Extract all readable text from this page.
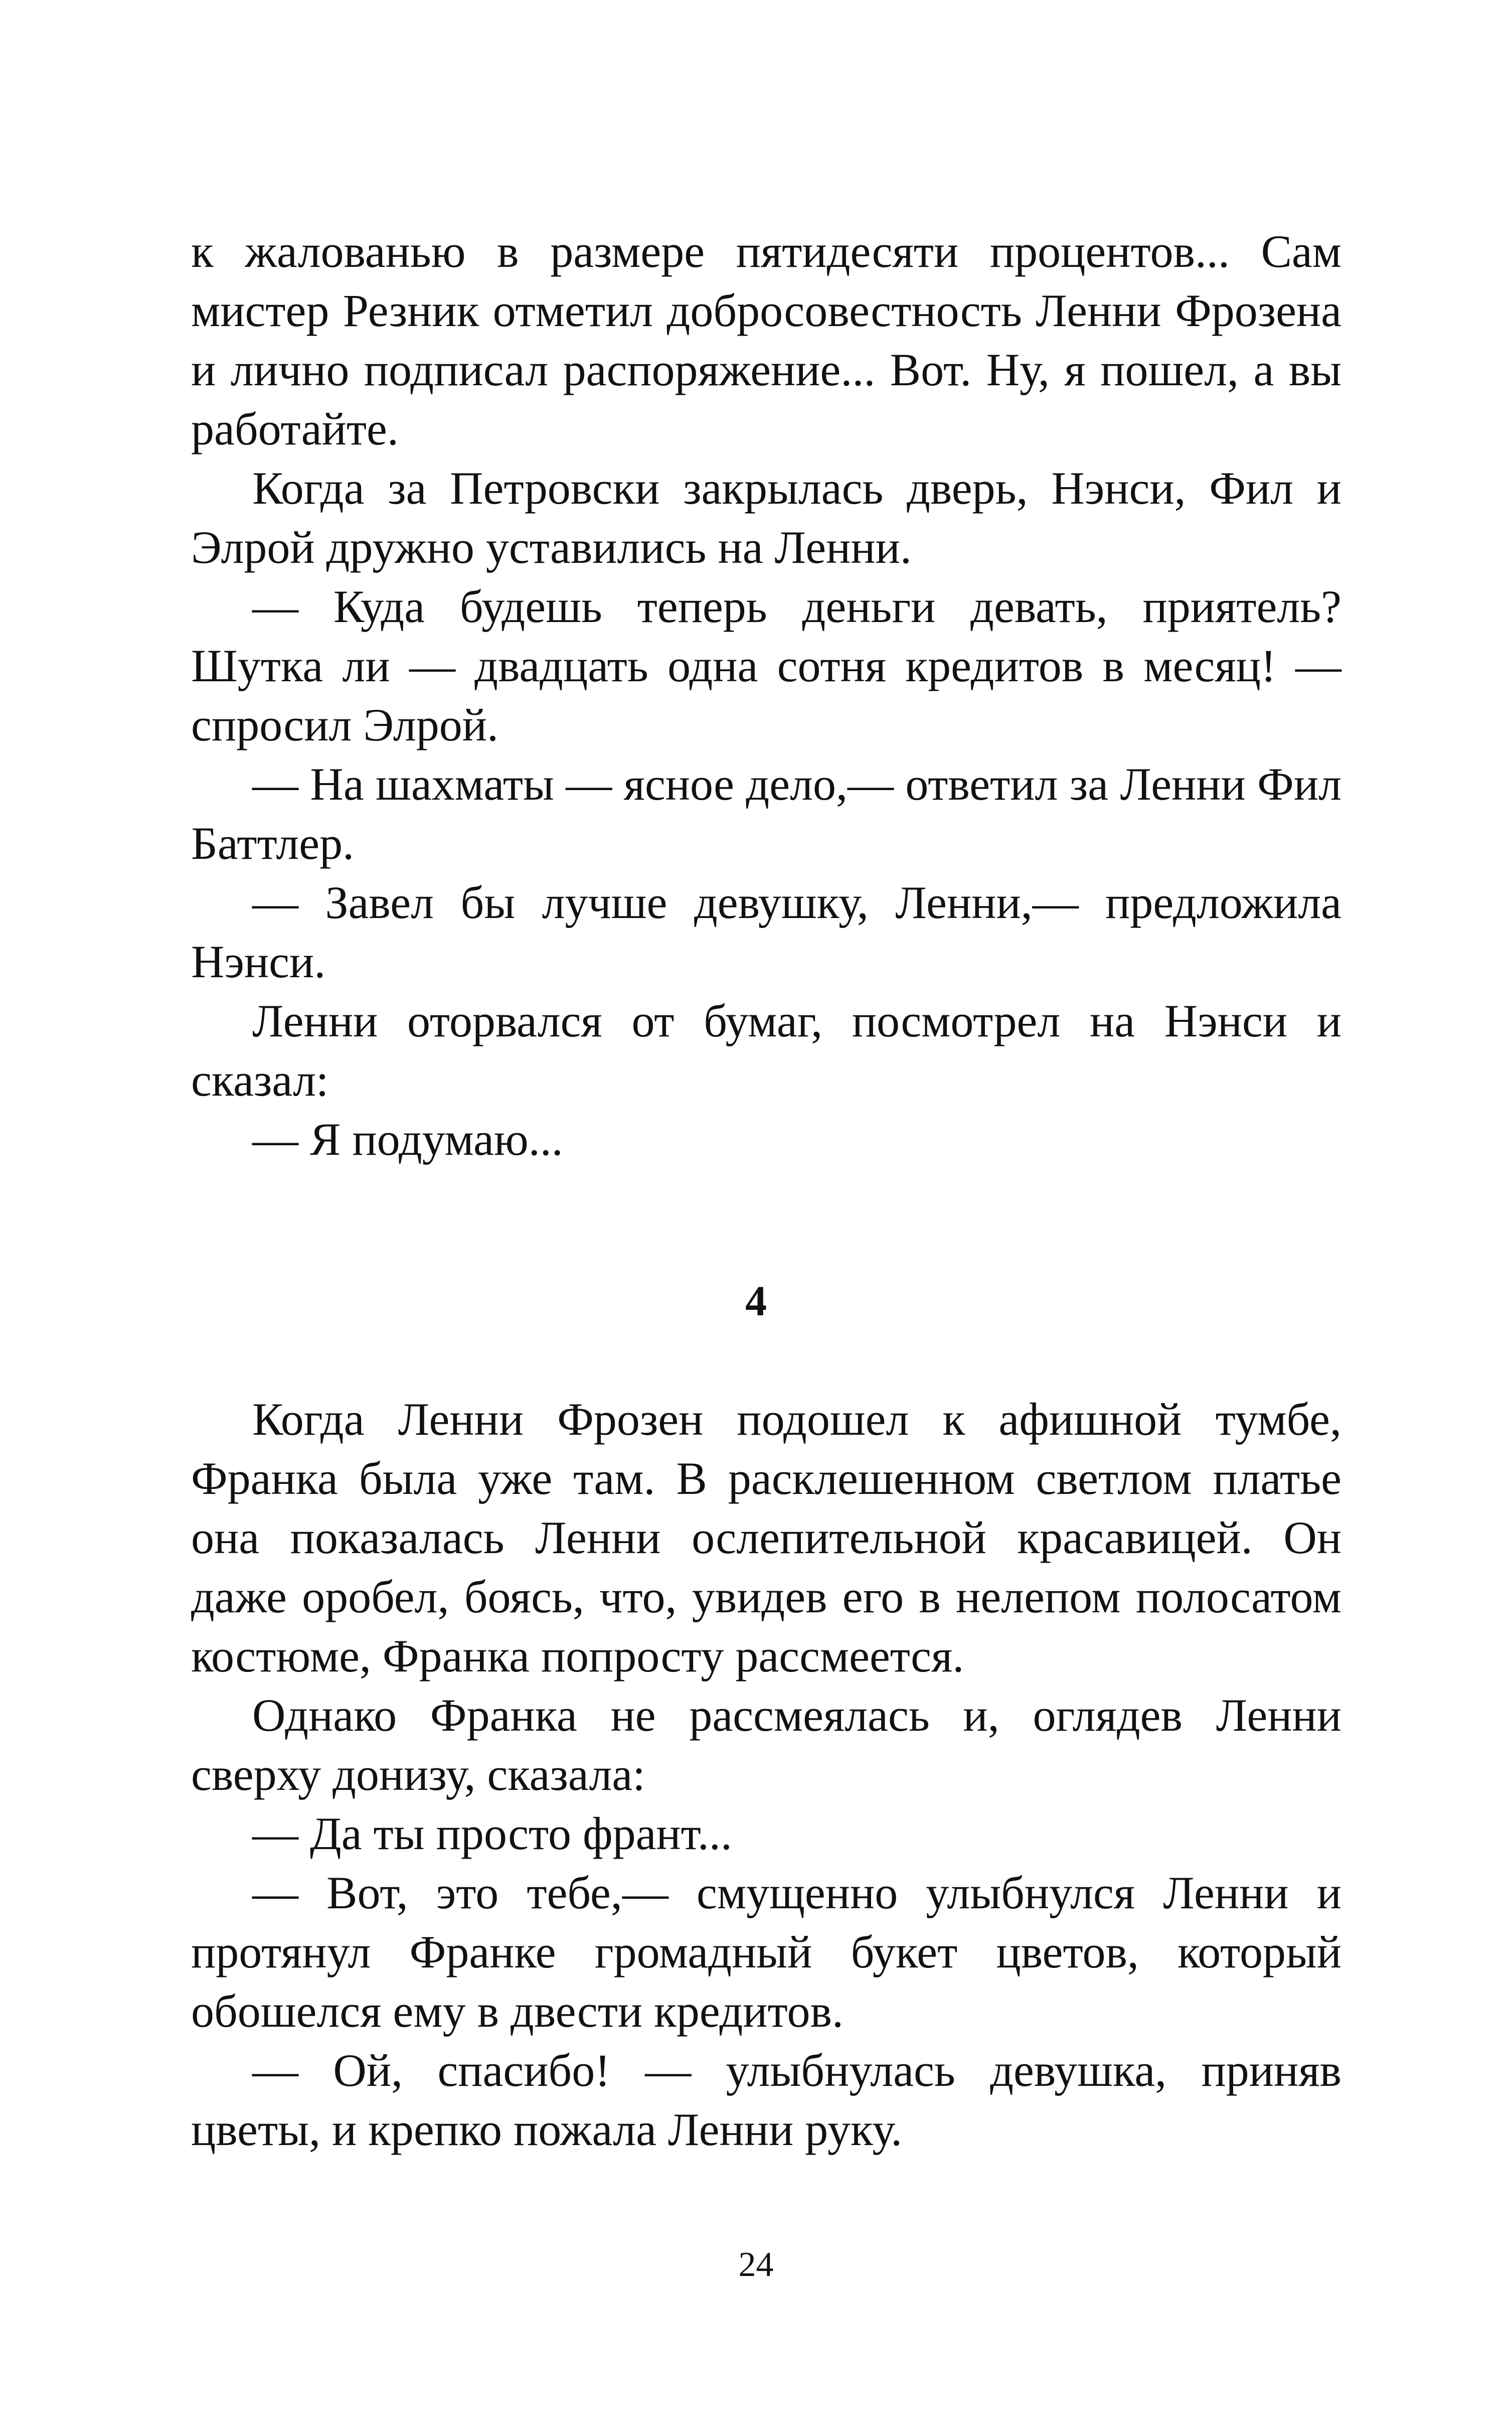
к жалованью в размере пятидесяти процентов... Сам мистер Резник отметил добросовестность Ленни Фрозена и лично подписал распоряжение... Вот. Ну, я пошел, а вы работайте.

Когда за Петровски закрылась дверь, Нэнси, Фил и Элрой дружно уставились на Ленни.

— Куда будешь теперь деньги девать, приятель? Шутка ли — двадцать одна сотня кредитов в месяц! — спросил Элрой.

— На шахматы — ясное дело,— ответил за Ленни Фил Баттлер.

— Завел бы лучше девушку, Ленни,— предложила Нэнси.

Ленни оторвался от бумаг, посмотрел на Нэнси и сказал:

— Я подумаю...

4

Когда Ленни Фрозен подошел к афишной тумбе, Франка была уже там. В расклешенном светлом платье она показалась Ленни ослепительной красавицей. Он даже оробел, боясь, что, увидев его в нелепом полосатом костюме, Франка попросту рассмеется.

Однако Франка не рассмеялась и, оглядев Ленни сверху донизу, сказала:

— Да ты просто франт...

— Вот, это тебе,— смущенно улыбнулся Ленни и протянул Франке громадный букет цветов, который обошелся ему в двести кредитов.

— Ой, спасибо! — улыбнулась девушка, приняв цветы, и крепко пожала Ленни руку.

24
